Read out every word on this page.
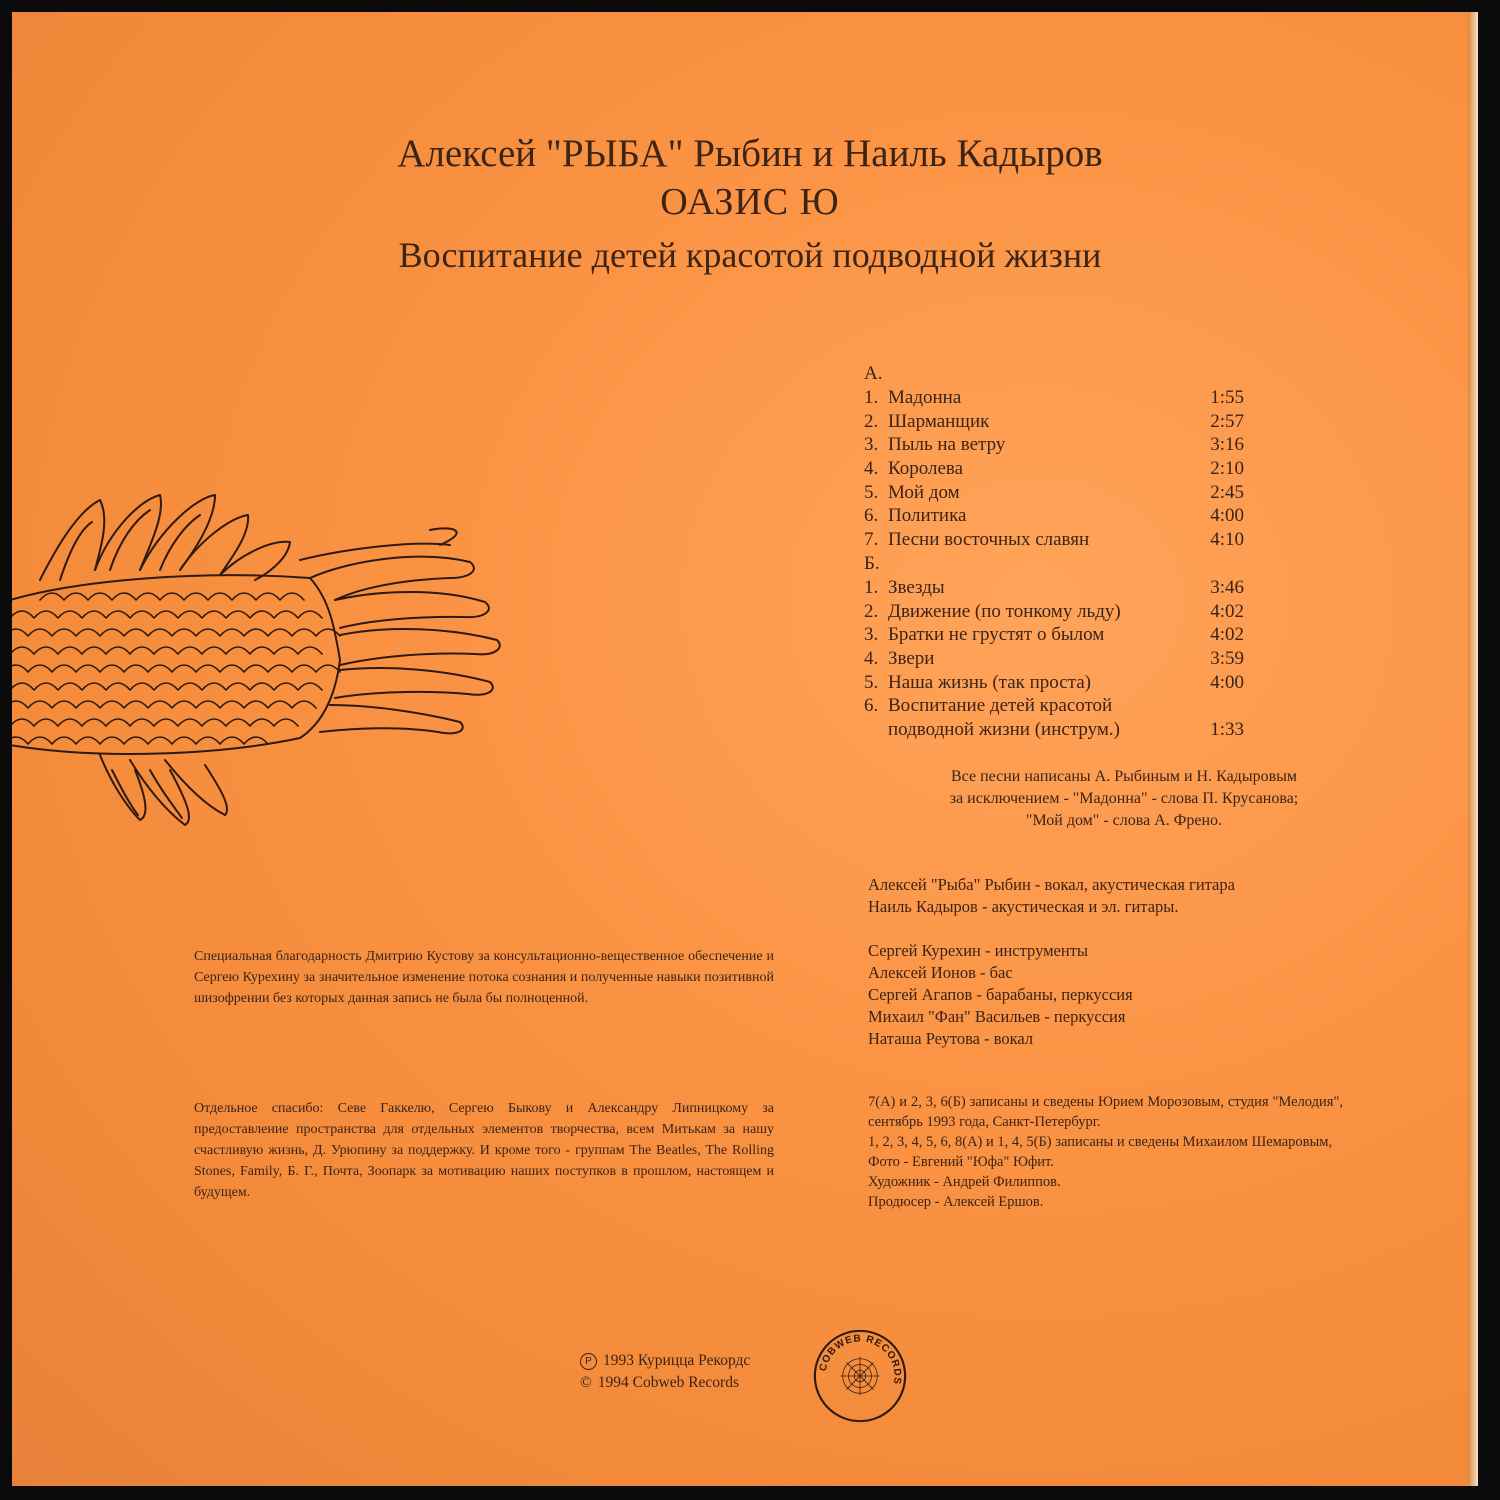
Алексей "РЫБА" Рыбин и Наиль Кадыров
ОАЗИС Ю
Воспитание детей красотой подводной жизни
А.
1. Мадонна	1:55
2. Шарманщик	2:57
3. Пыль на ветру	3:16
4. Королева	2:10
5. Мой дом	2:45
6. Политика	4:00
7. Песни восточных славян	4:10
Б.
1. Звезды	3:46
2. Движение (по тонкому льду)	4:02
3. Братки не грустят о былом	4:02
4. Звери	3:59
5. Наша жизнь (так проста)	4:00
6. Воспитание детей красотой
подводной жизни (инструм.)	1:33
Все песни написаны А. Рыбиным и Н. Кадыровым
за исключением - "Мадонна" - слова П. Крусанова;
"Мой дом" - слова А. Френо.
Алексей "Рыба" Рыбин - вокал, акустическая гитара
Наиль Кадыров - акустическая и эл. гитары.
Сергей Курехин - инструменты
Алексей Ионов - бас
Сергей Агапов - барабаны, перкуссия
Михаил "Фан" Васильев - перкуссия
Наташа Реутова - вокал
7(А) и 2, 3, 6(Б) записаны и сведены Юрием Морозовым, студия "Мелодия", сентябрь 1993 года, Санкт-Петербург.
1, 2, 3, 4, 5, 6, 8(А) и 1, 4, 5(Б) записаны и сведены Михаилом Шемаровым,
Фото - Евгений "Юфа" Юфит.
Художник - Андрей Филиппов.
Продюсер - Алексей Ершов.
Специальная благодарность Дмитрию Кустову за консультационно-вещественное обеспечение и Сергею Курехину за значительное изменение потока сознания и полученные навыки позитивной шизофрении без которых данная запись не была бы полноценной.
Отдельное спасибо: Севе Гаккелю, Сергею Быкову и Александру Липницкому за предоставление пространства для отдельных элементов творчества, всем Митькам за нашу счастливую жизнь, Д. Урюпину за поддержку. И кроме того - группам The Beatles, The Rolling Stones, Family, Б. Г., Почта, Зоопарк за мотивацию наших поступков в прошлом, настоящем и будущем.
P 1993 Курицца Рекордс
© 1994 Cobweb Records
COBWEB RECORDS
